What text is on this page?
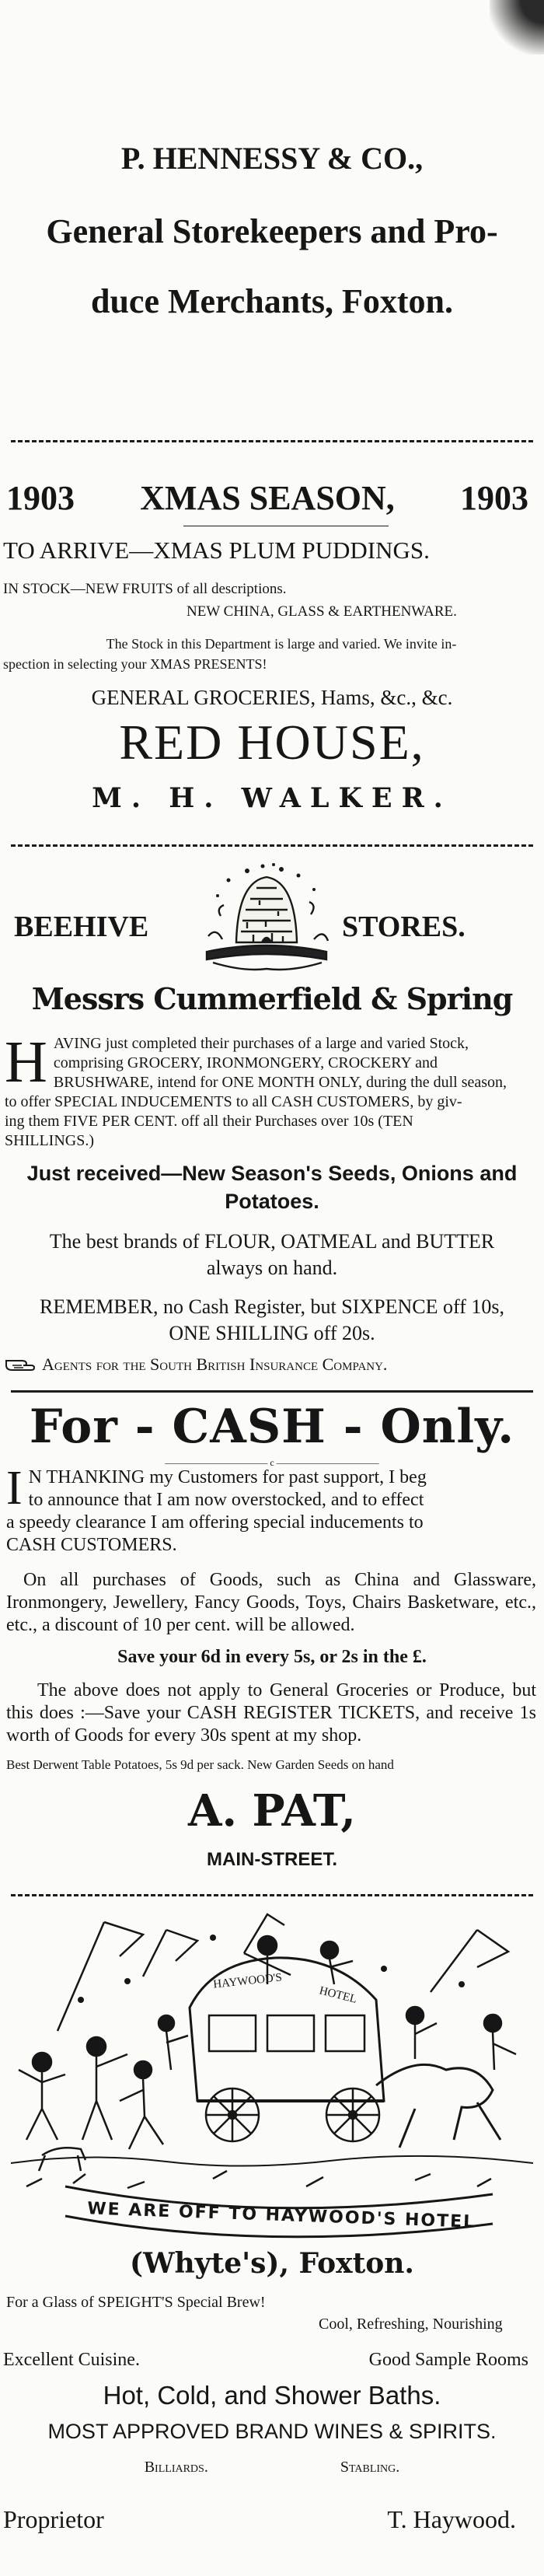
P. HENNESSY & CO.,
General Storekeepers and Pro-
duce Merchants, Foxton.
1903 XMAS SEASON, 1903
TO ARRIVE—XMAS PLUM PUDDINGS.
IN STOCK—NEW FRUITS of all descriptions.
NEW CHINA, GLASS & EARTHENWARE.
The Stock in this Department is large and varied. We invite in-
spection in selecting your XMAS PRESENTS!
GENERAL GROCERIES, Hams, &c., &c.
RED HOUSE,
M. H. WALKER.
BEEHIVE	STORES.
Messrs Cummerfield & Spring
H AVING just completed their purchases of a large and varied Stock,
comprising GROCERY, IRONMONGERY, CROCKERY and
BRUSHWARE, intend for ONE MONTH ONLY, during the dull season,
to offer SPECIAL INDUCEMENTS to all CASH CUSTOMERS, by giv-
ing them FIVE PER CENT. off all their Purchases over 10s (TEN
SHILLINGS.)
Just received—New Season's Seeds, Onions and
Potatoes.
The best brands of FLOUR, OATMEAL and BUTTER
always on hand.
REMEMBER, no Cash Register, but SIXPENCE off 10s,
ONE SHILLING off 20s.
Agents for the South British Insurance Company.
For - CASH - Only.
——————————— c ———————————
I N THANKING my Customers for past support, I beg
to announce that I am now overstocked, and to effect
a speedy clearance I am offering special inducements to
CASH CUSTOMERS.
On all purchases of Goods, such as China and Glassware, Ironmongery, Jewellery, Fancy Goods, Toys, Chairs Basketware, etc., etc., a discount of 10 per cent. will be allowed.
Save your 6d in every 5s, or 2s in the £.
The above does not apply to General Groceries or Produce, but this does :—Save your CASH REGISTER TICKETS, and receive 1s worth of Goods for every 30s spent at my shop.
Best Derwent Table Potatoes, 5s 9d per sack. New Garden Seeds on hand
A. PAT,
MAIN-STREET.
HAYWOOD'S
HOTEL
WE ARE OFF TO HAYWOOD'S HOTEL
(Whyte's), Foxton.
For a Glass of SPEIGHT'S Special Brew!
Cool, Refreshing, Nourishing
Excellent Cuisine.	Good Sample Rooms
Hot, Cold, and Shower Baths.
MOST APPROVED BRAND WINES & SPIRITS.
Billiards.	Stabling.
Proprietor	T. Haywood.
